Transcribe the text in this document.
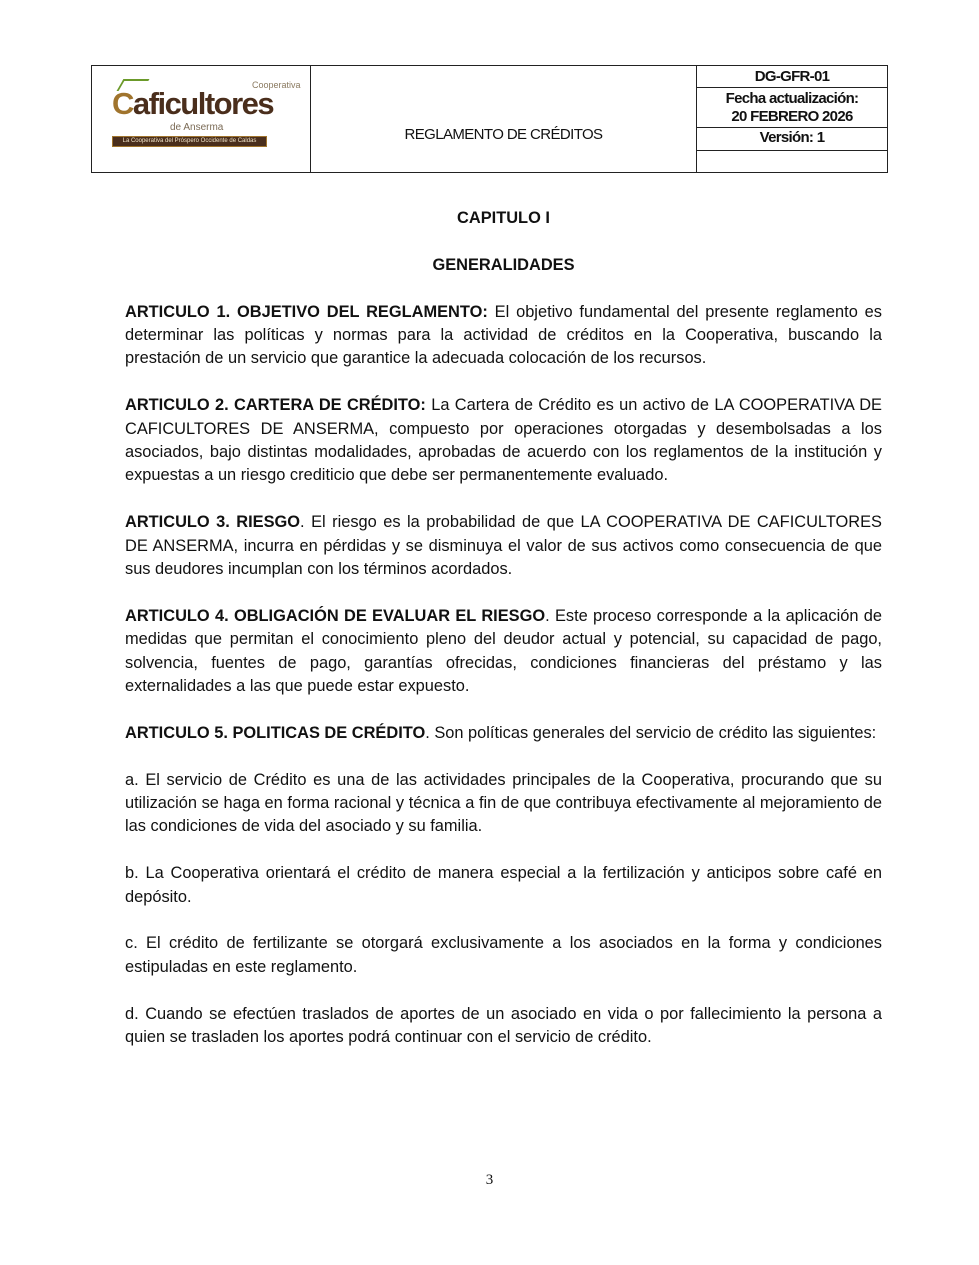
Cooperativa
Caficultores
de Anserma
La Cooperativa del Próspero Occidente de Caldas	REGLAMENTO DE CRÉDITOS
DG-GFR-01
Fecha actualización:
20 FEBRERO 2026
Versión: 1
CAPITULO I
GENERALIDADES

ARTICULO 1. OBJETIVO DEL REGLAMENTO: El objetivo fundamental del presente reglamento es determinar las políticas y normas para la actividad de créditos en la Cooperativa, buscando la prestación de un servicio que garantice la adecuada colocación de los recursos.

ARTICULO 2. CARTERA DE CRÉDITO: La Cartera de Crédito es un activo de LA COOPERATIVA DE CAFICULTORES DE ANSERMA, compuesto por operaciones otorgadas y desembolsadas a los asociados, bajo distintas modalidades, aprobadas de acuerdo con los reglamentos de la institución y expuestas a un riesgo crediticio que debe ser permanentemente evaluado.

ARTICULO 3. RIESGO. El riesgo es la probabilidad de que LA COOPERATIVA DE CAFICULTORES DE ANSERMA, incurra en pérdidas y se disminuya el valor de sus activos como consecuencia de que sus deudores incumplan con los términos acordados.

ARTICULO 4. OBLIGACIÓN DE EVALUAR EL RIESGO. Este proceso corresponde a la aplicación de medidas que permitan el conocimiento pleno del deudor actual y potencial, su capacidad de pago, solvencia, fuentes de pago, garantías ofrecidas, condiciones financieras del préstamo y las externalidades a las que puede estar expuesto.

ARTICULO 5. POLITICAS DE CRÉDITO. Son políticas generales del servicio de crédito las siguientes:

a. El servicio de Crédito es una de las actividades principales de la Cooperativa, procurando que su utilización se haga en forma racional y técnica a fin de que contribuya efectivamente al mejoramiento de las condiciones de vida del asociado y su familia.

b. La Cooperativa orientará el crédito de manera especial a la fertilización y anticipos sobre café en depósito.

c. El crédito de fertilizante se otorgará exclusivamente a los asociados en la forma y condiciones estipuladas en este reglamento.

d. Cuando se efectúen traslados de aportes de un asociado en vida o por fallecimiento la persona a quien se trasladen los aportes podrá continuar con el servicio de crédito.

3
